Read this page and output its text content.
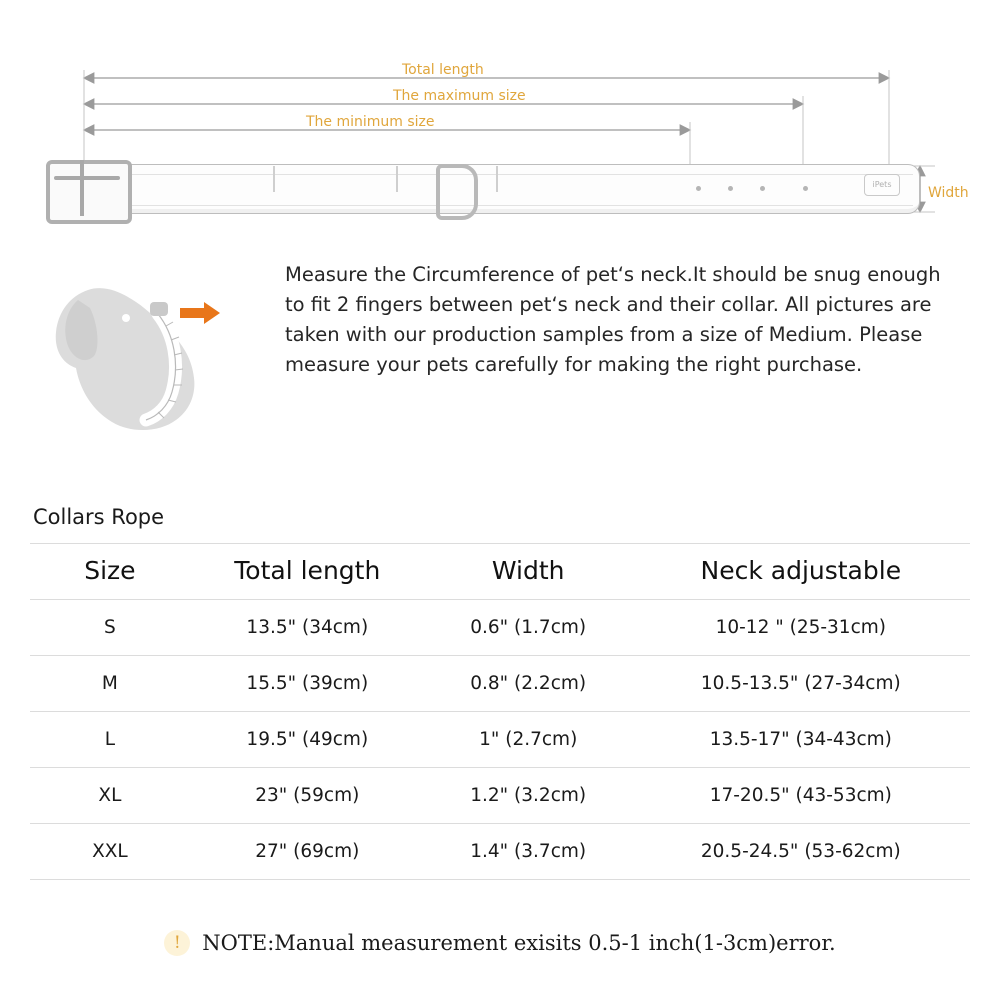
Total length
The maximum size
The minimum size
Width
iPets
Measure the Circumference of pet‘s neck.It should be snug enough to fit 2 fingers between pet‘s neck and their collar. All pictures are taken with our production samples from a size of Medium. Please measure your pets carefully for making the right purchase.
Collars Rope
Size	Total length	Width	Neck adjustable
S	13.5" (34cm)	0.6" (1.7cm)	10-12 " (25-31cm)
M	15.5" (39cm)	0.8" (2.2cm)	10.5-13.5" (27-34cm)
L	19.5" (49cm)	1" (2.7cm)	13.5-17" (34-43cm)
XL	23" (59cm)	1.2" (3.2cm)	17-20.5" (43-53cm)
XXL	27" (69cm)	1.4" (3.7cm)	20.5-24.5" (53-62cm)
!	NOTE:Manual measurement exisits 0.5-1 inch(1-3cm)error.
